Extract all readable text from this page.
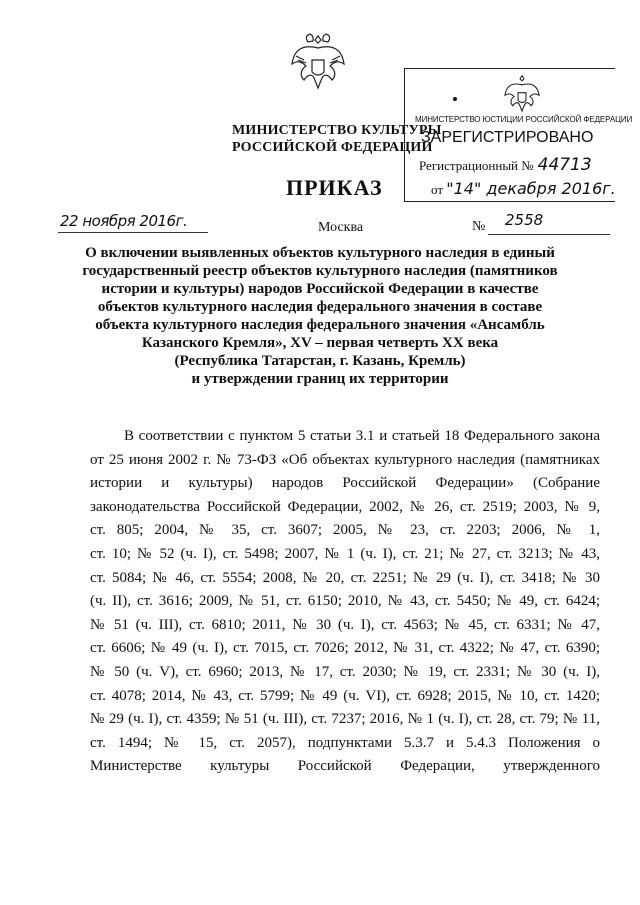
МИНИСТЕРСТВО КУЛЬТУРЫ
РОССИЙСКОЙ ФЕДЕРАЦИИ
МИНИСТЕРСТВО ЮСТИЦИИ РОССИЙСКОЙ ФЕДЕРАЦИИ
ЗАРЕГИСТРИРОВАНО
Регистрационный № 44713
от "14" декабря 2016г.
ПРИКАЗ
22 ноября 2016г.	Москва	№ 2558
О включении выявленных объектов культурного наследия в единый
государственный реестр объектов культурного наследия (памятников
истории и культуры) народов Российской Федерации в качестве
объектов культурного наследия федерального значения в составе
объекта культурного наследия федерального значения «Ансамбль
Казанского Кремля», XV – первая четверть XX века
(Республика Татарстан, г. Казань, Кремль)
и утверждении границ их территории
В соответствии с пунктом 5 статьи 3.1 и статьей 18 Федерального закона
от 25 июня 2002 г. № 73-ФЗ «Об объектах культурного наследия (памятниках
истории и культуры) народов Российской Федерации» (Собрание
законодательства Российской Федерации, 2002, № 26, ст. 2519; 2003, № 9,
ст. 805; 2004, № 35, ст. 3607; 2005, № 23, ст. 2203; 2006, № 1,
ст. 10; № 52 (ч. I), ст. 5498; 2007, № 1 (ч. I), ст. 21; № 27, ст. 3213; № 43,
ст. 5084; № 46, ст. 5554; 2008, № 20, ст. 2251; № 29 (ч. I), ст. 3418; № 30
(ч. II), ст. 3616; 2009, № 51, ст. 6150; 2010, № 43, ст. 5450; № 49, ст. 6424;
№ 51 (ч. III), ст. 6810; 2011, № 30 (ч. I), ст. 4563; № 45, ст. 6331; № 47,
ст. 6606; № 49 (ч. I), ст. 7015, ст. 7026; 2012, № 31, ст. 4322; № 47, ст. 6390;
№ 50 (ч. V), ст. 6960; 2013, № 17, ст. 2030; № 19, ст. 2331; № 30 (ч. I),
ст. 4078; 2014, № 43, ст. 5799; № 49 (ч. VI), ст. 6928; 2015, № 10, ст. 1420;
№ 29 (ч. I), ст. 4359; № 51 (ч. III), ст. 7237; 2016, № 1 (ч. I), ст. 28, ст. 79; № 11,
ст. 1494; № 15, ст. 2057), подпунктами 5.3.7 и 5.4.3 Положения о
Министерстве культуры Российской Федерации, утвержденного
